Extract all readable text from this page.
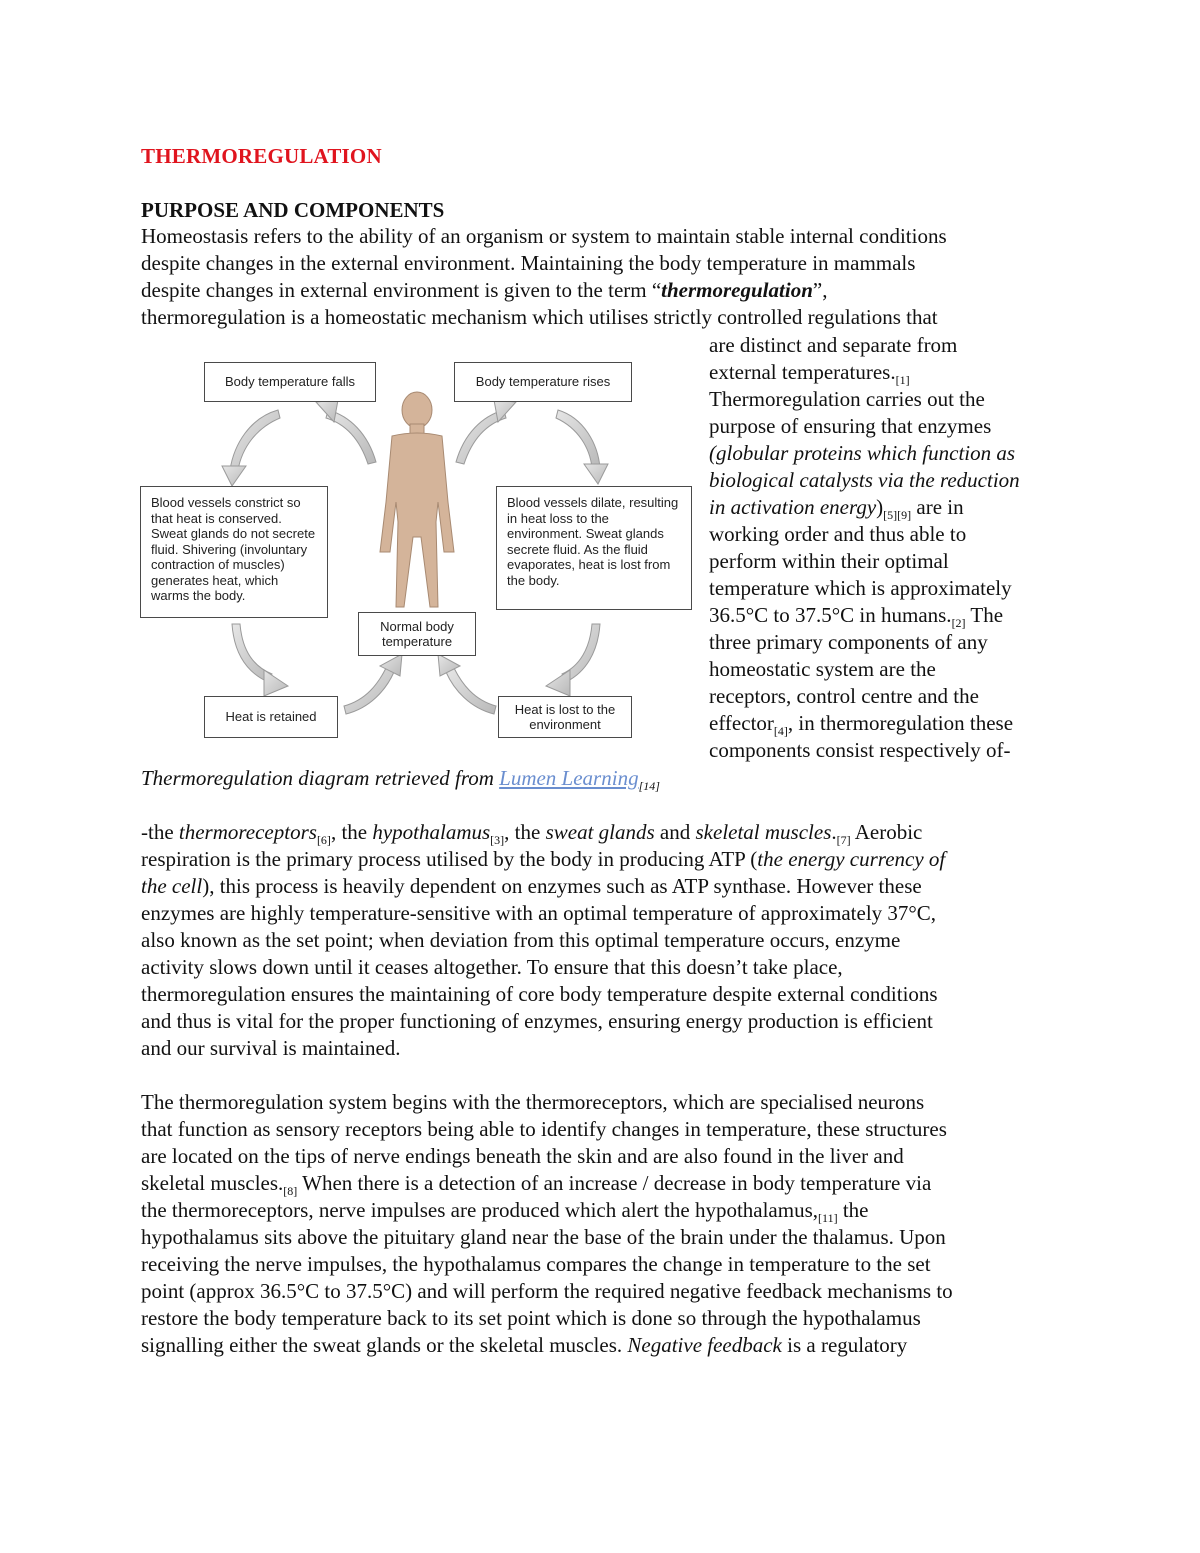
THERMOREGULATION
PURPOSE AND COMPONENTS
Homeostasis refers to the ability of an organism or system to maintain stable internal conditions
despite changes in the external environment. Maintaining the body temperature in mammals
despite changes in external environment is given to the term “thermoregulation”,
thermoregulation is a homeostatic mechanism which utilises strictly controlled regulations that
are distinct and separate from
external $temperatures._{[1]}$
Thermoregulation carries out the
purpose of ensuring that enzymes
(globular proteins which function as
biological catalysts via the reduction
in activation $energy)_{[5][9]}$ are in
working order and thus able to
perform within their optimal
temperature which is approximately
36.5°C to 37.5°C in $humans._{[2]}$ The
three primary components of any
homeostatic system are the
receptors, control centre and the
effector$_{[4]}$, in thermoregulation these
components consist respectively of-
Body temperature falls	Body temperature rises
Blood vessels constrict so that heat is conserved. Sweat glands do not secrete fluid. Shivering (involuntary contraction of muscles) generates heat, which warms the body.
Blood vessels dilate, resulting in heat loss to the environment. Sweat glands secrete fluid. As the fluid evaporates, heat is lost from the body.
Normal body temperature
Heat is retained
Heat is lost to the environment
Thermoregulation diagram retrieved from Lumen Learning$_{[14]}$
-the thermoreceptors$_{[6]}$, the hypothalamus$_{[3]}$, the sweat glands and skeletal $muscles._{[7]}$ Aerobic
respiration is the primary process utilised by the body in producing ATP (the energy currency of
the cell), this process is heavily dependent on enzymes such as ATP synthase. However these
enzymes are highly temperature-sensitive with an optimal temperature of approximately 37°C,
also known as the set point; when deviation from this optimal temperature occurs, enzyme
activity slows down until it ceases altogether. To ensure that this doesn’t take place,
thermoregulation ensures the maintaining of core body temperature despite external conditions
and thus is vital for the proper functioning of enzymes, ensuring energy production is efficient
and our survival is maintained.
The thermoregulation system begins with the thermoreceptors, which are specialised neurons
that function as sensory receptors being able to identify changes in temperature, these structures
are located on the tips of nerve endings beneath the skin and are also found in the liver and
skeletal $muscles._{[8]}$ When there is a detection of an increase / decrease in body temperature via
the thermoreceptors, nerve impulses are produced which alert the $hypothalamus,_{[11]}$ the
hypothalamus sits above the pituitary gland near the base of the brain under the thalamus. Upon
receiving the nerve impulses, the hypothalamus compares the change in temperature to the set
point (approx 36.5°C to 37.5°C) and will perform the required negative feedback mechanisms to
restore the body temperature back to its set point which is done so through the hypothalamus
signalling either the sweat glands or the skeletal muscles. Negative feedback is a regulatory
